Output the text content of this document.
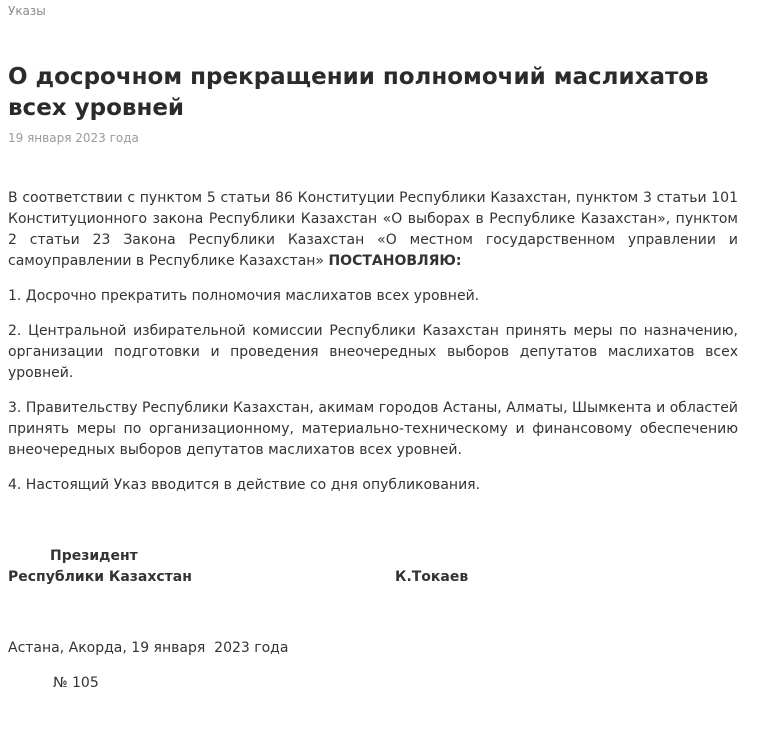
Указы
О досрочном прекращении полномочий маслихатов всех уровней
19 января 2023 года

В соответствии с пунктом 5 статьи 86 Конституции Республики Казахстан, пунктом 3 статьи 101 Конституционного закона Республики Казахстан «О выборах в Республике Казахстан», пунктом 2 статьи 23 Закона Республики Казахстан «О местном государственном управлении и самоуправлении в Республике Казахстан» ПОСТАНОВЛЯЮ:

1. Досрочно прекратить полномочия маслихатов всех уровней.

2. Центральной избирательной комиссии Республики Казахстан принять меры по назначению, организации подготовки и проведения внеочередных выборов депутатов маслихатов всех уровней.

3. Правительству Республики Казахстан, акимам городов Астаны, Алматы, Шымкента и областей принять меры по организационному, материально-техническому и финансовому обеспечению внеочередных выборов депутатов маслихатов всех уровней.

4. Настоящий Указ вводится в действие со дня опубликования.

Президент
Республики Казахстан	К.Токаев
Астана, Акорда, 19 января  2023 года
№ 105
